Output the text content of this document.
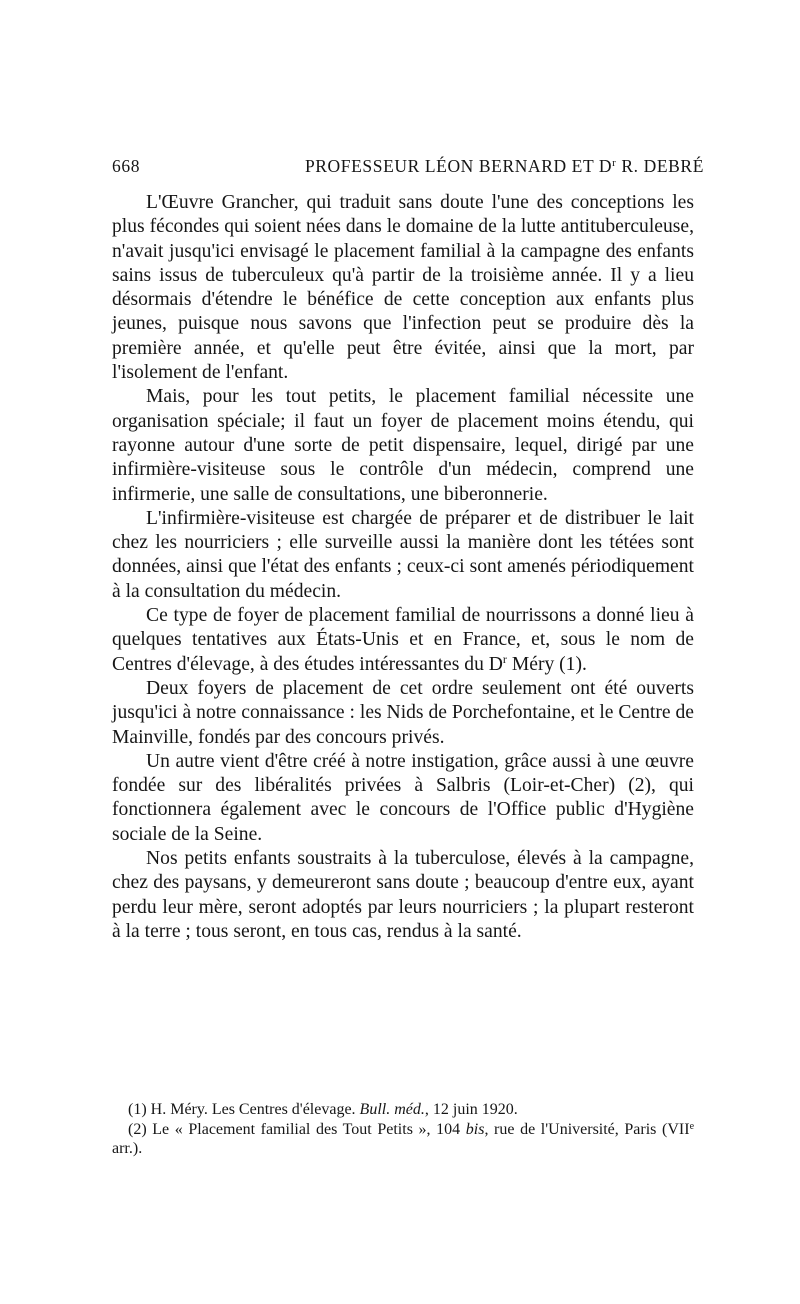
668	PROFESSEUR LÉON BERNARD ET $D^r$ R. DEBRÉ

L'Œuvre Grancher, qui traduit sans doute l'une des conceptions les plus fécondes qui soient nées dans le domaine de la lutte antituberculeuse, n'avait jusqu'ici envisagé le placement familial à la campagne des enfants sains issus de tuberculeux qu'à partir de la troisième année. Il y a lieu désormais d'étendre le bénéfice de cette conception aux enfants plus jeunes, puisque nous savons que l'infection peut se produire dès la première année, et qu'elle peut être évitée, ainsi que la mort, par l'isolement de l'enfant.

Mais, pour les tout petits, le placement familial nécessite une organisation spéciale; il faut un foyer de placement moins étendu, qui rayonne autour d'une sorte de petit dispensaire, lequel, dirigé par une infirmière-visiteuse sous le contrôle d'un médecin, comprend une infirmerie, une salle de consultations, une biberonnerie.

L'infirmière-visiteuse est chargée de préparer et de distribuer le lait chez les nourriciers ; elle surveille aussi la manière dont les tétées sont données, ainsi que l'état des enfants ; ceux-ci sont amenés périodiquement à la consultation du médecin.

Ce type de foyer de placement familial de nourrissons a donné lieu à quelques tentatives aux États-Unis et en France, et, sous le nom de Centres d'élevage, à des études intéressantes du $D^r$ Méry (1).

Deux foyers de placement de cet ordre seulement ont été ouverts jusqu'ici à notre connaissance : les Nids de Porchefontaine, et le Centre de Mainville, fondés par des concours privés.

Un autre vient d'être créé à notre instigation, grâce aussi à une œuvre fondée sur des libéralités privées à Salbris (Loir-et-Cher) (2), qui fonctionnera également avec le concours de l'Office public d'Hygiène sociale de la Seine.

Nos petits enfants soustraits à la tuberculose, élevés à la campagne, chez des paysans, y demeureront sans doute ; beaucoup d'entre eux, ayant perdu leur mère, seront adoptés par leurs nourriciers ; la plupart resteront à la terre ; tous seront, en tous cas, rendus à la santé.

(1) H. Méry. Les Centres d'élevage. Bull. méd., 12 juin 1920.

(2) Le « Placement familial des Tout Petits », 104 bis, rue de l'Université, Paris (VIIe arr.).
